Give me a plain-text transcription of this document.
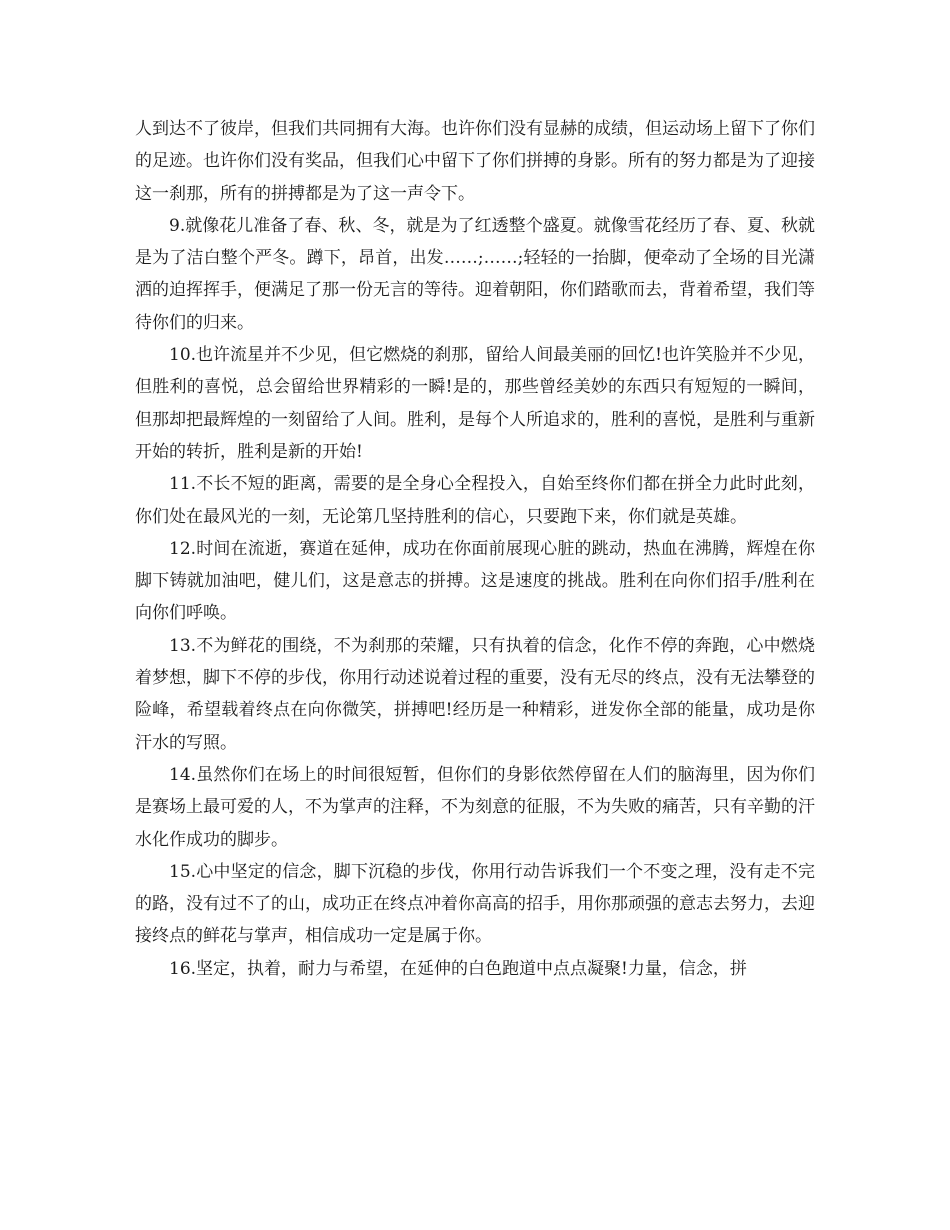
人到达不了彼岸，但我们共同拥有大海。也许你们没有显赫的成绩，但运动场上留下了你们的足迹。也许你们没有奖品，但我们心中留下了你们拼搏的身影。所有的努力都是为了迎接这一刹那，所有的拼搏都是为了这一声令下。

9.就像花儿准备了春、秋、冬，就是为了红透整个盛夏。就像雪花经历了春、夏、秋就是为了洁白整个严冬。蹲下，昂首，出发……;……;轻轻的一抬脚，便牵动了全场的目光潇洒的迫挥挥手，便满足了那一份无言的等待。迎着朝阳，你们踏歌而去，背着希望，我们等待你们的归来。

10.也许流星并不少见，但它燃烧的刹那，留给人间最美丽的回忆!也许笑脸并不少见，但胜利的喜悦，总会留给世界精彩的一瞬!是的，那些曾经美妙的东西只有短短的一瞬间，但那却把最辉煌的一刻留给了人间。胜利，是每个人所追求的，胜利的喜悦，是胜利与重新开始的转折，胜利是新的开始!

11.不长不短的距离，需要的是全身心全程投入，自始至终你们都在拼全力此时此刻，你们处在最风光的一刻，无论第几坚持胜利的信心，只要跑下来，你们就是英雄。

12.时间在流逝，赛道在延伸，成功在你面前展现心脏的跳动，热血在沸腾，辉煌在你脚下铸就加油吧，健儿们，这是意志的拼搏。这是速度的挑战。胜利在向你们招手/胜利在向你们呼唤。

13.不为鲜花的围绕，不为刹那的荣耀，只有执着的信念，化作不停的奔跑，心中燃烧着梦想，脚下不停的步伐，你用行动述说着过程的重要，没有无尽的终点，没有无法攀登的险峰，希望载着终点在向你微笑，拼搏吧!经历是一种精彩，迸发你全部的能量，成功是你汗水的写照。

14.虽然你们在场上的时间很短暂，但你们的身影依然停留在人们的脑海里，因为你们是赛场上最可爱的人，不为掌声的注释，不为刻意的征服，不为失败的痛苦，只有辛勤的汗水化作成功的脚步。

15.心中坚定的信念，脚下沉稳的步伐，你用行动告诉我们一个不变之理，没有走不完的路，没有过不了的山，成功正在终点冲着你高高的招手，用你那顽强的意志去努力，去迎接终点的鲜花与掌声，相信成功一定是属于你。

16.坚定，执着，耐力与希望，在延伸的白色跑道中点点凝聚!力量，信念，拼
